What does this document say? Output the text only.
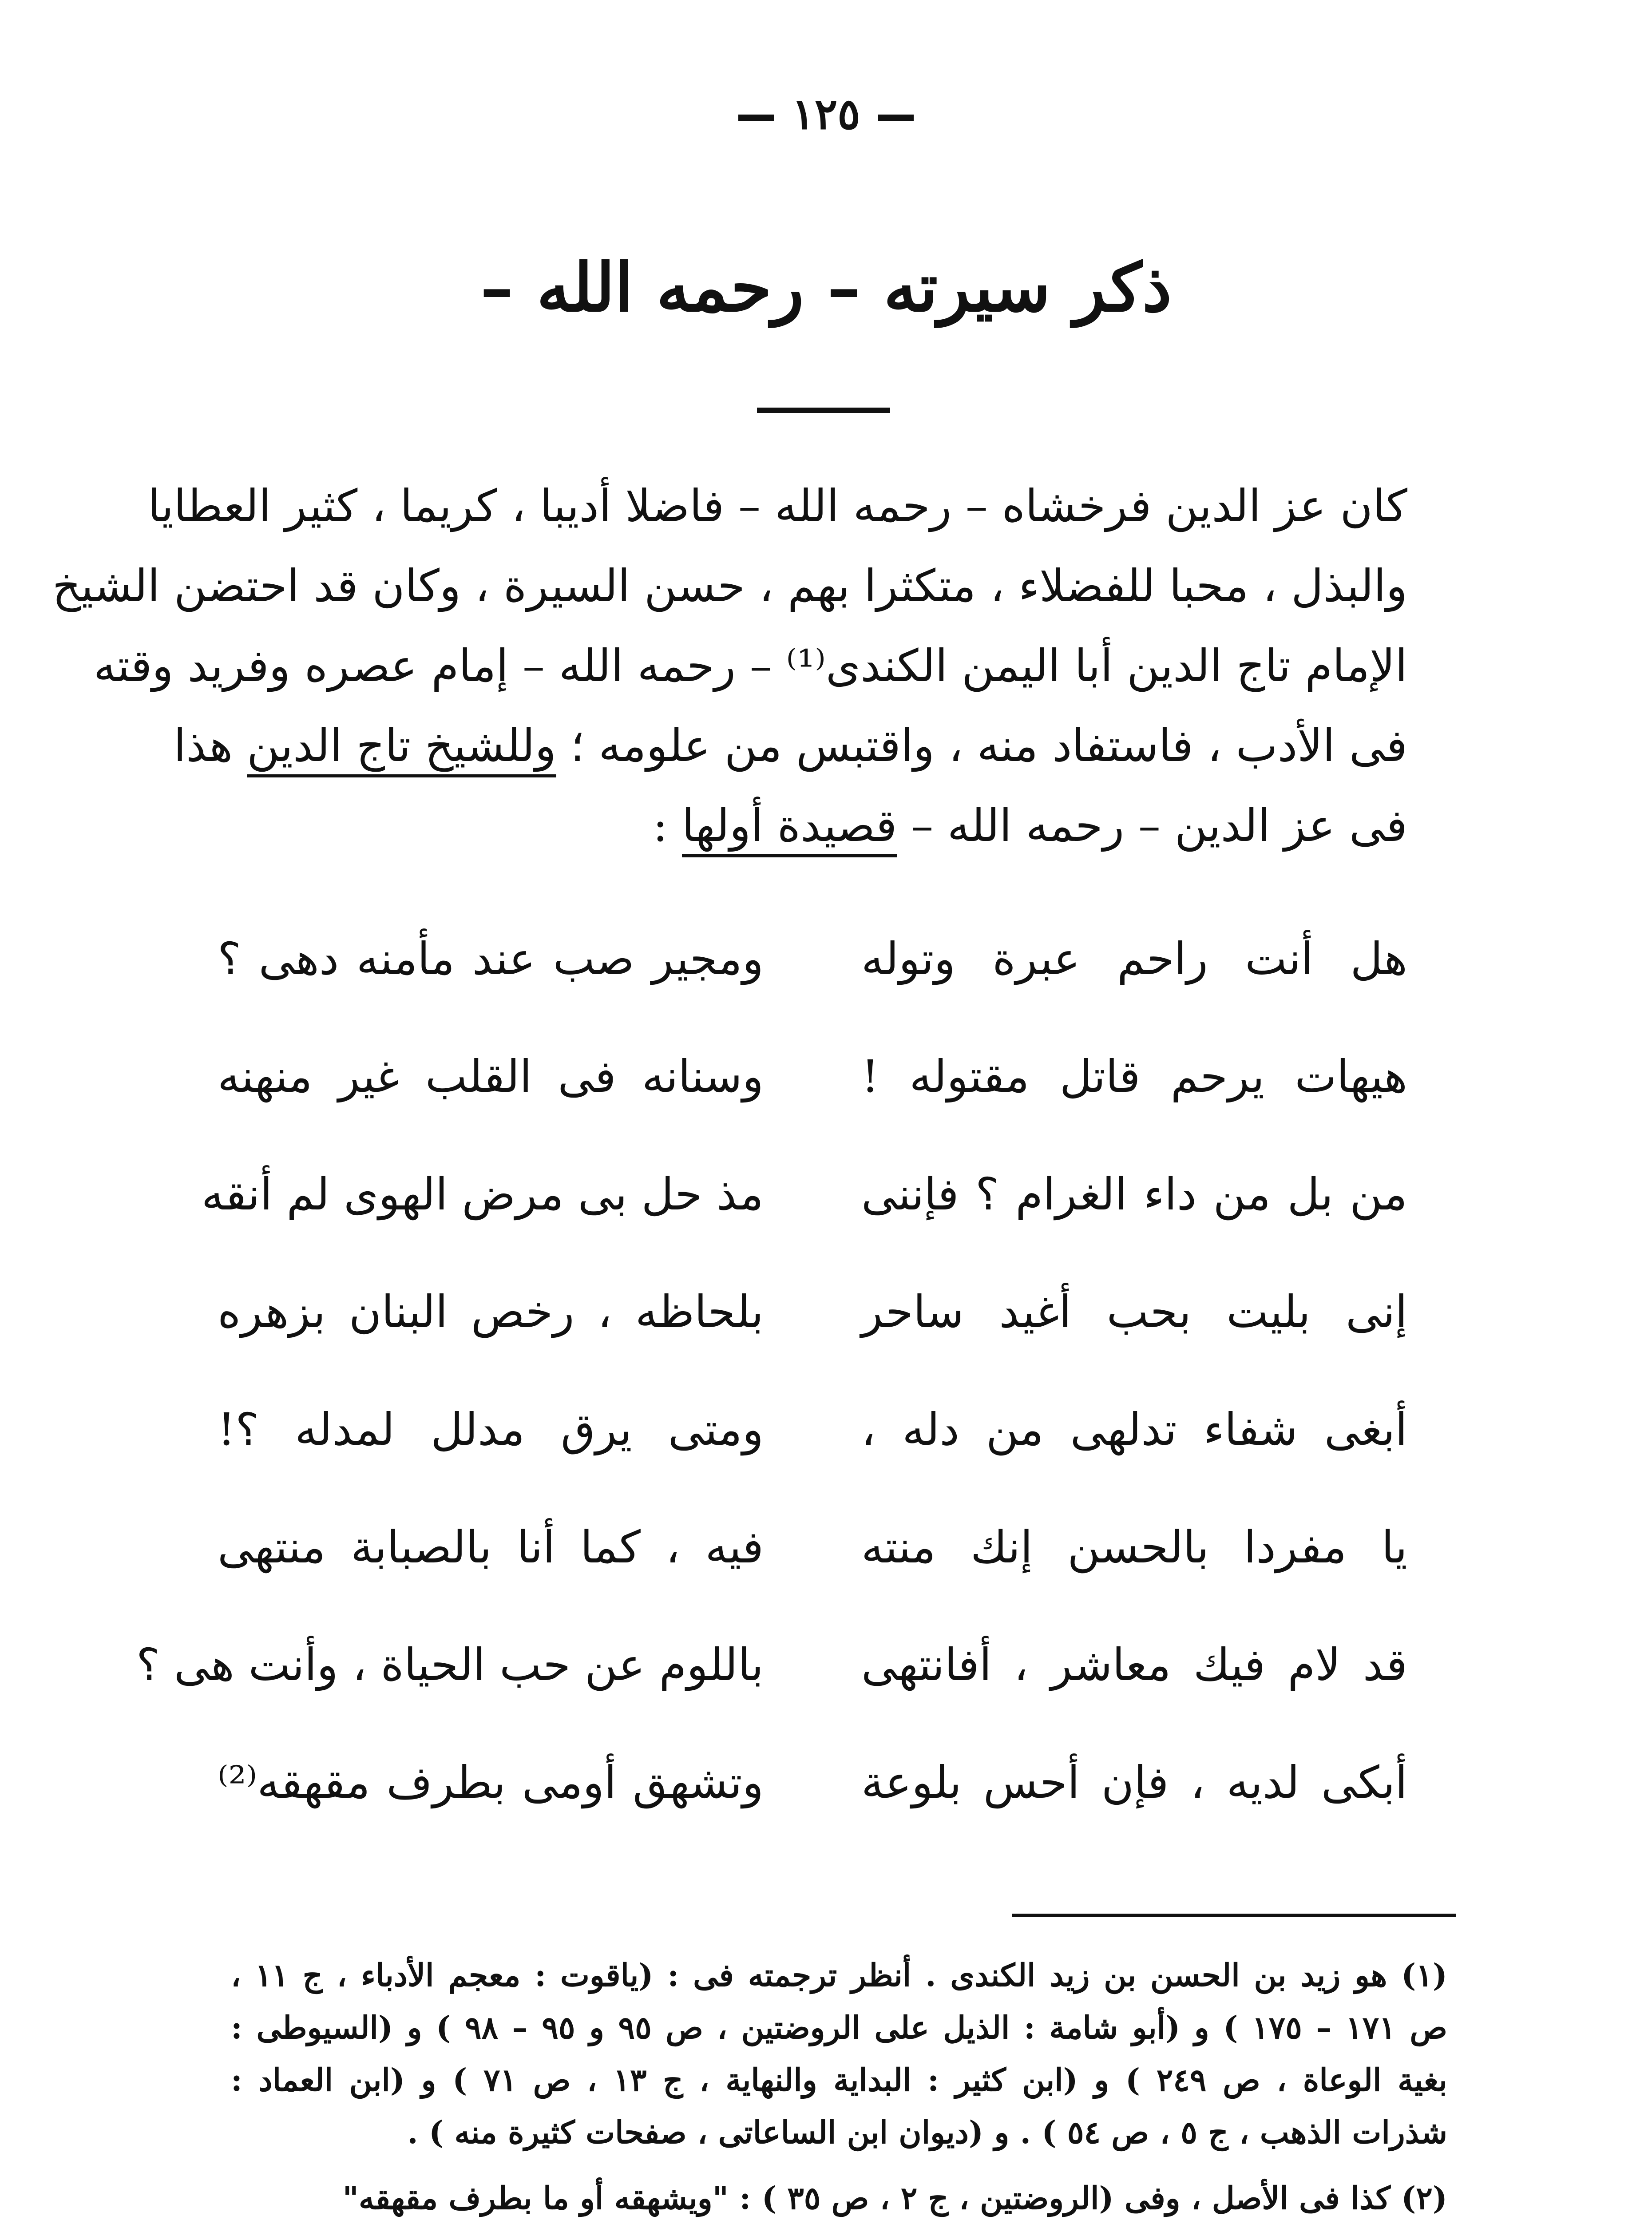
١٢٥
ذكر سيرته – رحمه الله –
كان عز الدين فرخشاه – رحمه الله – فاضلا أديبا ، كريما ، كثير العطايا
والبذل ، محبا للفضلاء ، متكثرا بهم ، حسن السيرة ، وكان قد احتضن الشيخ
الإمام تاج الدين أبا اليمن الكندى⁽¹⁾ – رحمه الله – إمام عصره وفريد وقته
فى الأدب ، فاستفاد منه ، واقتبس من علومه ؛ وللشيخ تاج الدين هذا
فى عز الدين – رحمه الله – قصيدة أولها :
هل أنت راحم عبرة وتوله
ومجير صب عند مأمنه دهى ؟
هيهات يرحم قاتل مقتوله !
وسنانه فى القلب غير منهنه
من بل من داء الغرام ؟ فإننى
مذ حل بى مرض الهوى لم أنقه
إنى بليت بحب أغيد ساحر
بلحاظه ، رخص البنان بزهره
أبغى شفاء تدلهى من دله ،
ومتى يرق مدلل لمدله ؟!
يا مفردا بالحسن إنك منته
فيه ، كما أنا بالصبابة منتهى
قد لام فيك معاشر ، أفانتهى
باللوم عن حب الحياة ، وأنت هى ؟
أبكى لديه ، فإن أحس بلوعة
وتشهق أومى بطرف مقهقه⁽²⁾
(١) هو زيد بن الحسن بن زيد الكندى . أنظر ترجمته فى : (ياقوت : معجم الأدباء ، ج ١١ ،
ص ١٧١ – ١٧٥ ) و (أبو شامة : الذيل على الروضتين ، ص ٩٥ و ٩٥ – ٩٨ ) و (السيوطى :
بغية الوعاة ، ص ٢٤٩ ) و (ابن كثير : البداية والنهاية ، ج ١٣ ، ص ٧١ ) و (ابن العماد :
شذرات الذهب ، ج ٥ ، ص ٥٤ ) . و (ديوان ابن الساعاتى ، صفحات كثيرة منه ) .
(٢) كذا فى الأصل ، وفى (الروضتين ، ج ٢ ، ص ٣٥ ) : "ويشهقه أو ما بطرف مقهقه"
